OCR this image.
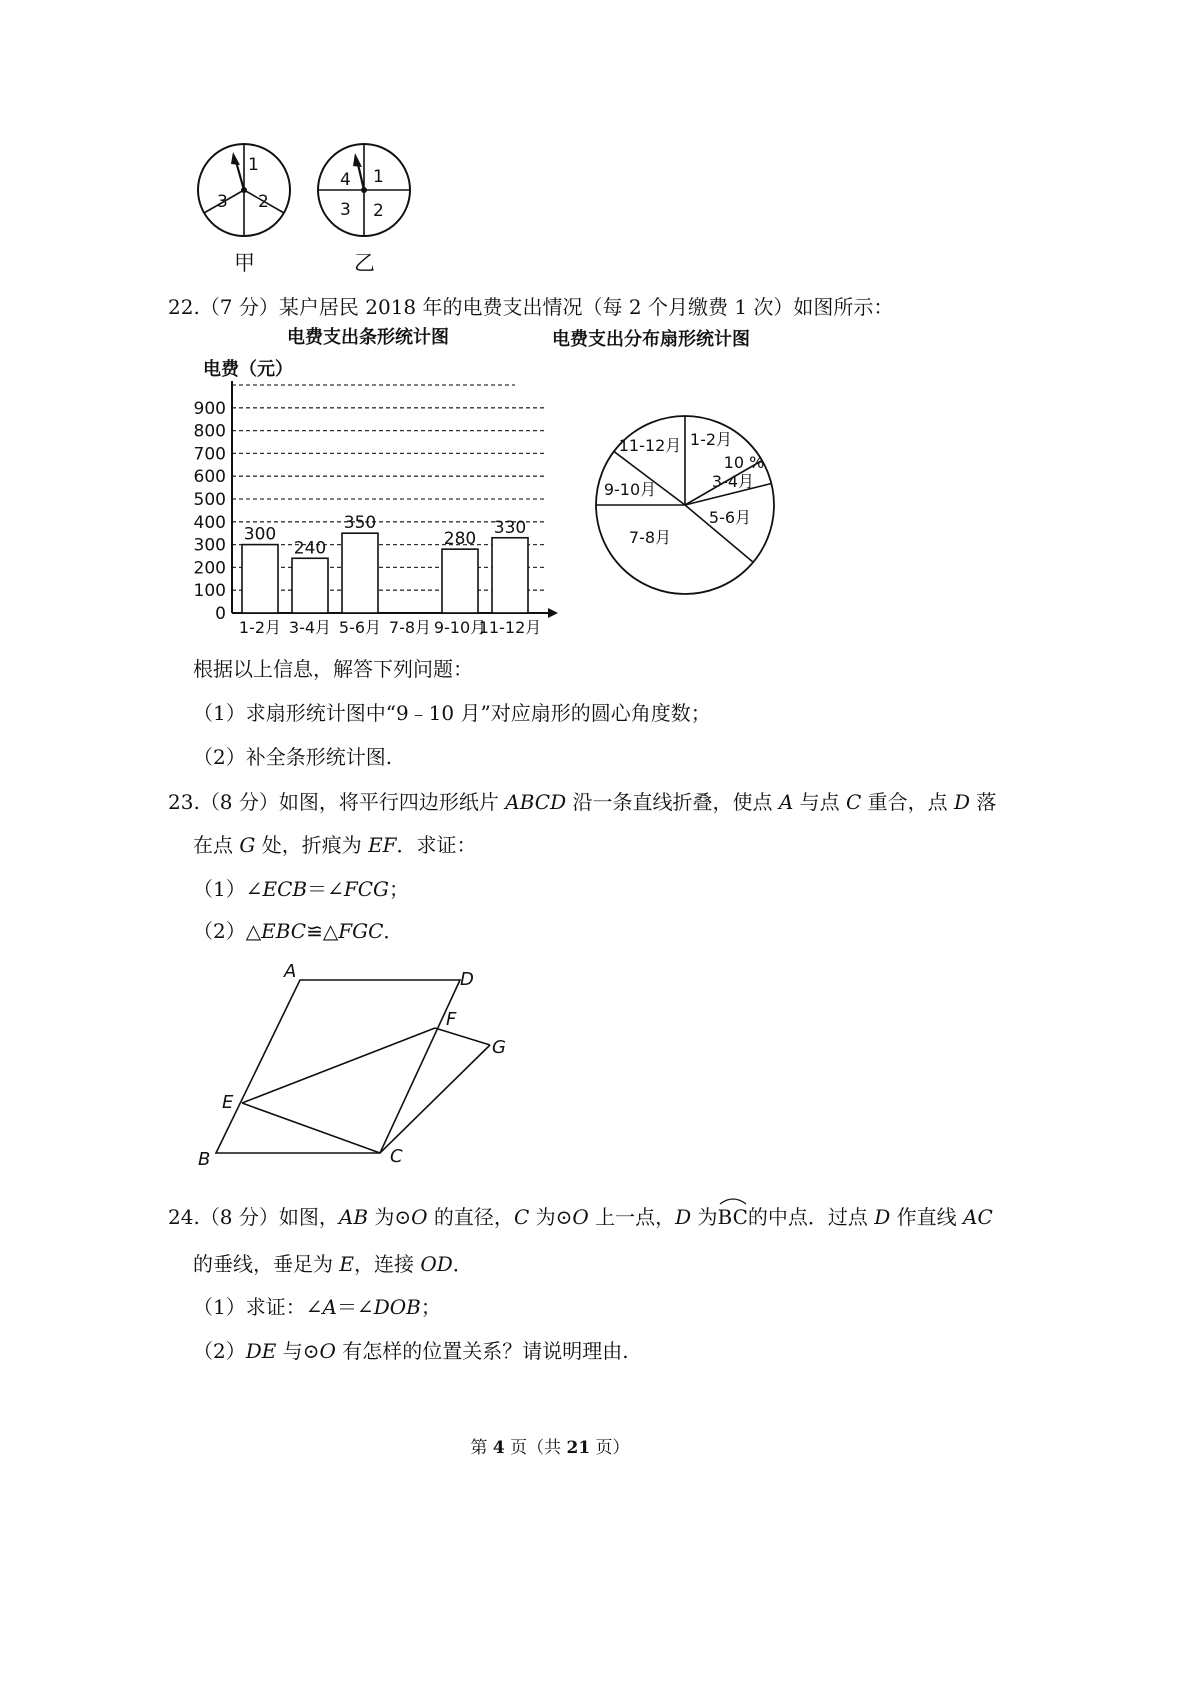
1
2
3
1
2
3
4
甲	乙
22.（7 分）某户居民 2018 年的电费支出情况（每 2 个月缴费 1 次）如图所示：
电费支出条形统计图	电费支出分布扇形统计图
电费（元）
0
100
200
300
400
500
600
700
800
900
300
1-2月
240
3-4月
350
5-6月 7-8月
280
9-10月
330
11-12月
1-2月
3-4月
5-6月
7-8月
9-10月
11-12月
10 %
根据以上信息，解答下列问题：
（1）求扇形统计图中“9﹣10 月”对应扇形的圆心角度数；
（2）补全条形统计图.
23.（8 分）如图，将平行四边形纸片 ABCD 沿一条直线折叠，使点 A 与点 C 重合，点 D 落
在点 G 处，折痕为 EF．求证：
（1）∠ECB＝∠FCG；
（2）△EBC≌△FGC．
A	D
F
G
E
B	C
24.（8 分）如图，AB 为⊙O 的直径，C 为⊙O 上一点，D 为
BC的中点．过点 D 作直线 AC
的垂线，垂足为 E，连接 OD．
（1）求证：∠A＝∠DOB；
（2）DE 与⊙O 有怎样的位置关系？请说明理由.
第 4 页（共 21 页）
